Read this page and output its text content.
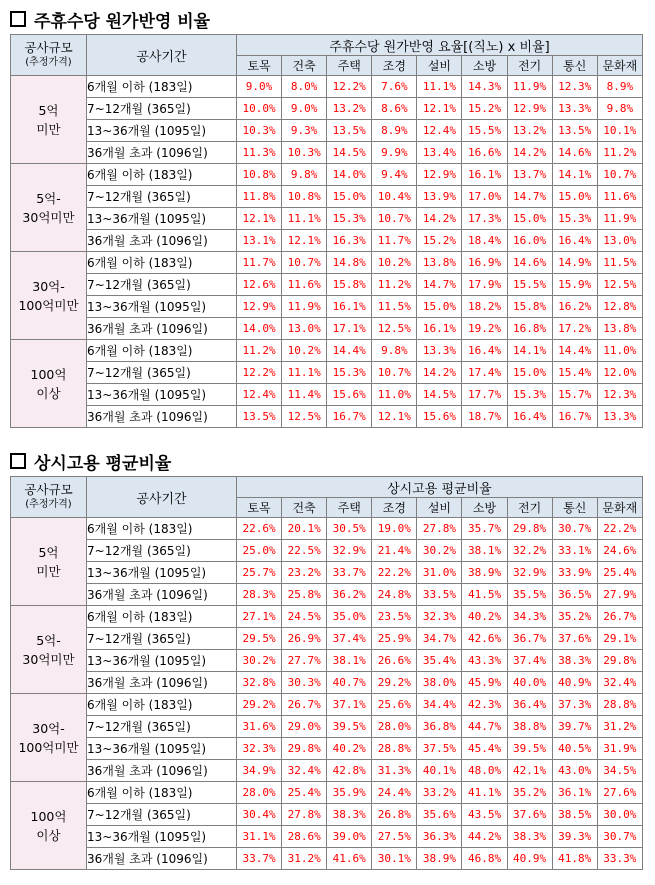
주휴수당 원가반영 비율
공사규모
(추정가격)	공사기간	주휴수당 원가반영 요율[(직노) x 비율]								
		토목	건축	주택	조경	설비	소방	전기	통신	문화재

5억
미만	6개월 이하 (183일)	9.0%	8.0%	12.2%	7.6%	11.1%	14.3%	11.9%	12.3%	8.9%
	7~12개월 (365일)	10.0%	9.0%	13.2%	8.6%	12.1%	15.2%	12.9%	13.3%	9.8%
	13~36개월 (1095일)	10.3%	9.3%	13.5%	8.9%	12.4%	15.5%	13.2%	13.5%	10.1%
	36개월 초과 (1096일)	11.3%	10.3%	14.5%	9.9%	13.4%	16.6%	14.2%	14.6%	11.2%

5억-
30억미만	6개월 이하 (183일)	10.8%	9.8%	14.0%	9.4%	12.9%	16.1%	13.7%	14.1%	10.7%
	7~12개월 (365일)	11.8%	10.8%	15.0%	10.4%	13.9%	17.0%	14.7%	15.0%	11.6%
	13~36개월 (1095일)	12.1%	11.1%	15.3%	10.7%	14.2%	17.3%	15.0%	15.3%	11.9%
	36개월 초과 (1096일)	13.1%	12.1%	16.3%	11.7%	15.2%	18.4%	16.0%	16.4%	13.0%

30억-
100억미만	6개월 이하 (183일)	11.7%	10.7%	14.8%	10.2%	13.8%	16.9%	14.6%	14.9%	11.5%
	7~12개월 (365일)	12.6%	11.6%	15.8%	11.2%	14.7%	17.9%	15.5%	15.9%	12.5%
	13~36개월 (1095일)	12.9%	11.9%	16.1%	11.5%	15.0%	18.2%	15.8%	16.2%	12.8%
	36개월 초과 (1096일)	14.0%	13.0%	17.1%	12.5%	16.1%	19.2%	16.8%	17.2%	13.8%

100억
이상	6개월 이하 (183일)	11.2%	10.2%	14.4%	9.8%	13.3%	16.4%	14.1%	14.4%	11.0%
	7~12개월 (365일)	12.2%	11.1%	15.3%	10.7%	14.2%	17.4%	15.0%	15.4%	12.0%
	13~36개월 (1095일)	12.4%	11.4%	15.6%	11.0%	14.5%	17.7%	15.3%	15.7%	12.3%
	36개월 초과 (1096일)	13.5%	12.5%	16.7%	12.1%	15.6%	18.7%	16.4%	16.7%	13.3%
상시고용 평균비율
공사규모
(추정가격)	공사기간	상시고용 평균비율								
		토목	건축	주택	조경	설비	소방	전기	통신	문화재

5억
미만	6개월 이하 (183일)	22.6%	20.1%	30.5%	19.0%	27.8%	35.7%	29.8%	30.7%	22.2%
	7~12개월 (365일)	25.0%	22.5%	32.9%	21.4%	30.2%	38.1%	32.2%	33.1%	24.6%
	13~36개월 (1095일)	25.7%	23.2%	33.7%	22.2%	31.0%	38.9%	32.9%	33.9%	25.4%
	36개월 초과 (1096일)	28.3%	25.8%	36.2%	24.8%	33.5%	41.5%	35.5%	36.5%	27.9%

5억-
30억미만	6개월 이하 (183일)	27.1%	24.5%	35.0%	23.5%	32.3%	40.2%	34.3%	35.2%	26.7%
	7~12개월 (365일)	29.5%	26.9%	37.4%	25.9%	34.7%	42.6%	36.7%	37.6%	29.1%
	13~36개월 (1095일)	30.2%	27.7%	38.1%	26.6%	35.4%	43.3%	37.4%	38.3%	29.8%
	36개월 초과 (1096일)	32.8%	30.3%	40.7%	29.2%	38.0%	45.9%	40.0%	40.9%	32.4%

30억-
100억미만	6개월 이하 (183일)	29.2%	26.7%	37.1%	25.6%	34.4%	42.3%	36.4%	37.3%	28.8%
	7~12개월 (365일)	31.6%	29.0%	39.5%	28.0%	36.8%	44.7%	38.8%	39.7%	31.2%
	13~36개월 (1095일)	32.3%	29.8%	40.2%	28.8%	37.5%	45.4%	39.5%	40.5%	31.9%
	36개월 초과 (1096일)	34.9%	32.4%	42.8%	31.3%	40.1%	48.0%	42.1%	43.0%	34.5%

100억
이상	6개월 이하 (183일)	28.0%	25.4%	35.9%	24.4%	33.2%	41.1%	35.2%	36.1%	27.6%
	7~12개월 (365일)	30.4%	27.8%	38.3%	26.8%	35.6%	43.5%	37.6%	38.5%	30.0%
	13~36개월 (1095일)	31.1%	28.6%	39.0%	27.5%	36.3%	44.2%	38.3%	39.3%	30.7%
	36개월 초과 (1096일)	33.7%	31.2%	41.6%	30.1%	38.9%	46.8%	40.9%	41.8%	33.3%
